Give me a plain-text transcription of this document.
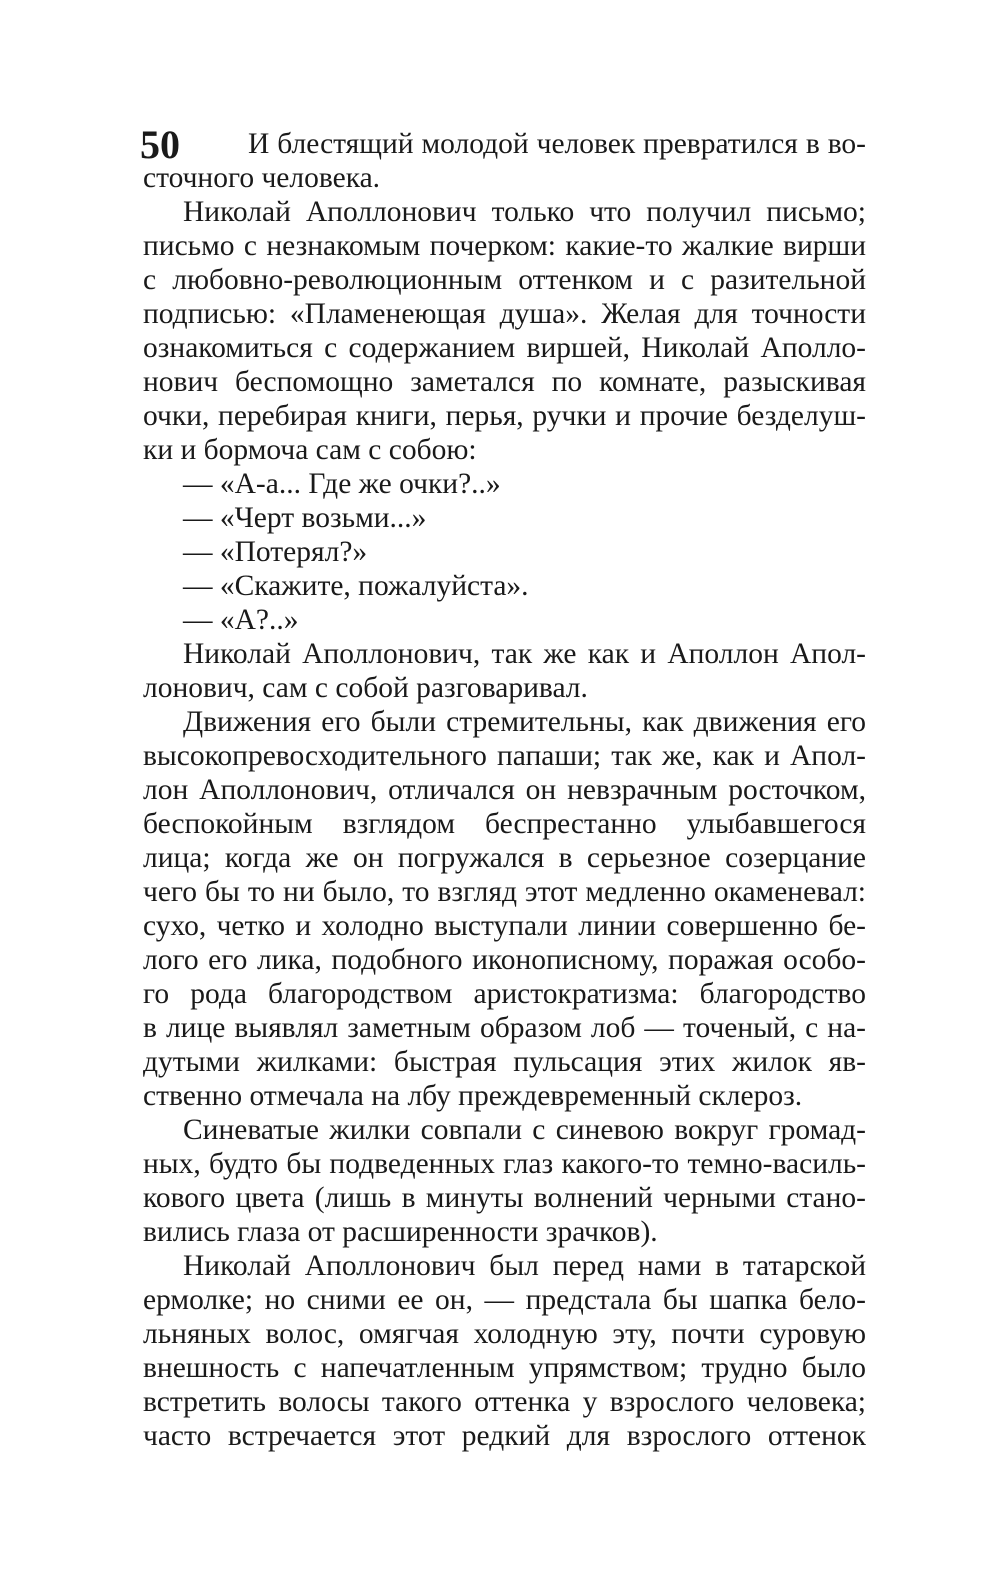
50 И блестящий молодой человек превратился в во-

сточного человека.

Николай Аполлонович только что получил письмо;

письмо с незнакомым почерком: какие-то жалкие вирши

с любовно-революционным оттенком и с разительной

подписью: «Пламенеющая душа». Желая для точности

ознакомиться с содержанием виршей, Николай Аполло-

нович беспомощно заметался по комнате, разыскивая

очки, перебирая книги, перья, ручки и прочие безделуш-

ки и бормоча сам с собою:

— «А-а... Где же очки?..»

— «Черт возьми...»

— «Потерял?»

— «Скажите, пожалуйста».

— «А?..»

Николай Аполлонович, так же как и Аполлон Апол-

лонович, сам с собой разговаривал.

Движения его были стремительны, как движения его

высокопревосходительного папаши; так же, как и Апол-

лон Аполлонович, отличался он невзрачным росточком,

беспокойным взглядом беспрестанно улыбавшегося

лица; когда же он погружался в серьезное созерцание

чего бы то ни было, то взгляд этот медленно окаменевал:

сухо, четко и холодно выступали линии совершенно бе-

лого его лика, подобного иконописному, поражая особо-

го рода благородством аристократизма: благородство

в лице выявлял заметным образом лоб — точеный, с на-

дутыми жилками: быстрая пульсация этих жилок яв-

ственно отмечала на лбу преждевременный склероз.

Синеватые жилки совпали с синевою вокруг громад-

ных, будто бы подведенных глаз какого-то темно-василь-

кового цвета (лишь в минуты волнений черными стано-

вились глаза от расширенности зрачков).

Николай Аполлонович был перед нами в татарской

ермолке; но сними ее он, — предстала бы шапка бело-

льняных волос, омягчая холодную эту, почти суровую

внешность с напечатленным упрямством; трудно было

встретить волосы такого оттенка у взрослого человека;

часто встречается этот редкий для взрослого оттенок
